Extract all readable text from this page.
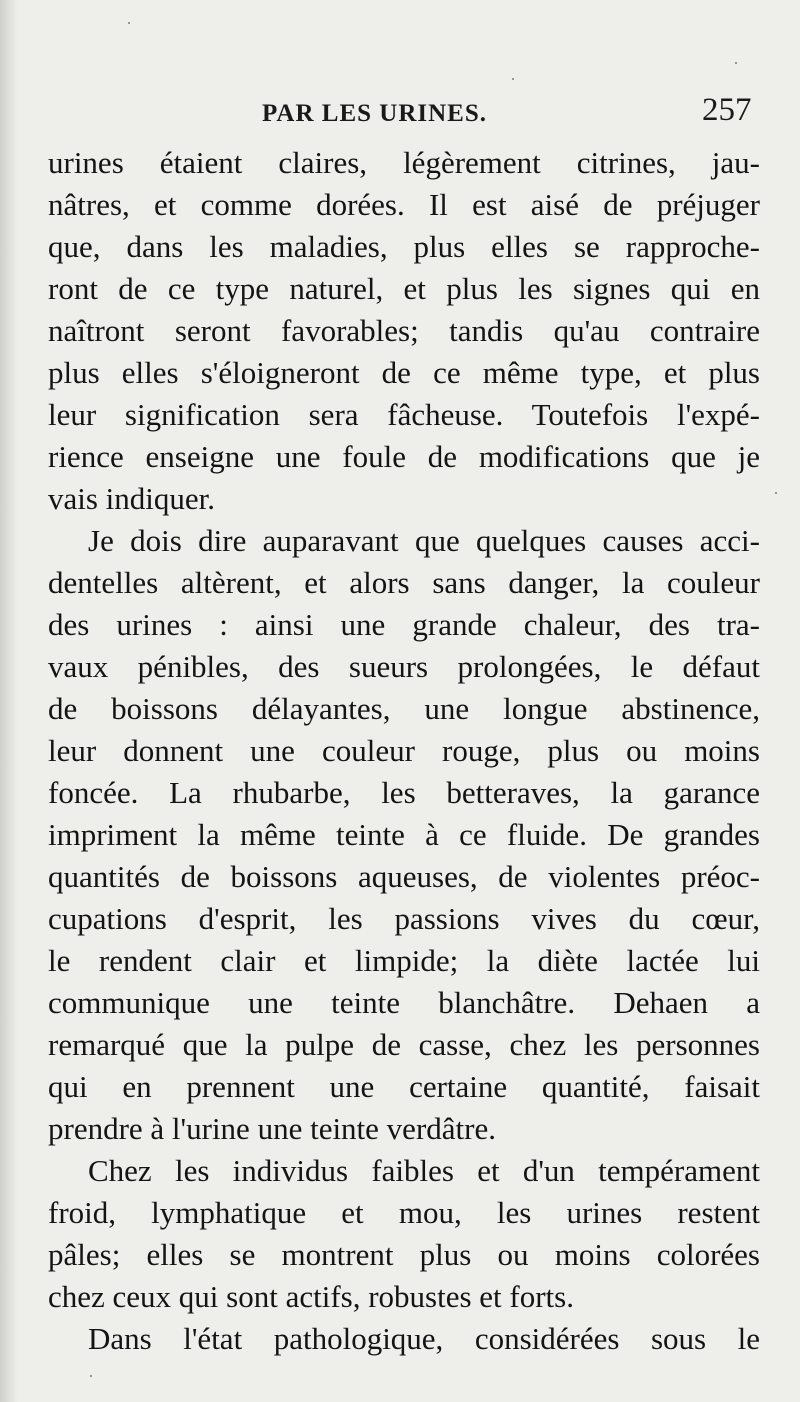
PAR LES URINES.	257
urines étaient claires, légèrement citrines, jau-
nâtres, et comme dorées. Il est aisé de préjuger
que, dans les maladies, plus elles se rapproche-
ront de ce type naturel, et plus les signes qui en
naîtront seront favorables; tandis qu'au contraire
plus elles s'éloigneront de ce même type, et plus
leur signification sera fâcheuse. Toutefois l'expé-
rience enseigne une foule de modifications que je
vais indiquer.
Je dois dire auparavant que quelques causes acci-
dentelles altèrent, et alors sans danger, la couleur
des urines : ainsi une grande chaleur, des tra-
vaux pénibles, des sueurs prolongées, le défaut
de boissons délayantes, une longue abstinence,
leur donnent une couleur rouge, plus ou moins
foncée. La rhubarbe, les betteraves, la garance
impriment la même teinte à ce fluide. De grandes
quantités de boissons aqueuses, de violentes préoc-
cupations d'esprit, les passions vives du cœur,
le rendent clair et limpide; la diète lactée lui
communique une teinte blanchâtre. Dehaen a
remarqué que la pulpe de casse, chez les personnes
qui en prennent une certaine quantité, faisait
prendre à l'urine une teinte verdâtre.
Chez les individus faibles et d'un tempérament
froid, lymphatique et mou, les urines restent
pâles; elles se montrent plus ou moins colorées
chez ceux qui sont actifs, robustes et forts.
Dans l'état pathologique, considérées sous le
